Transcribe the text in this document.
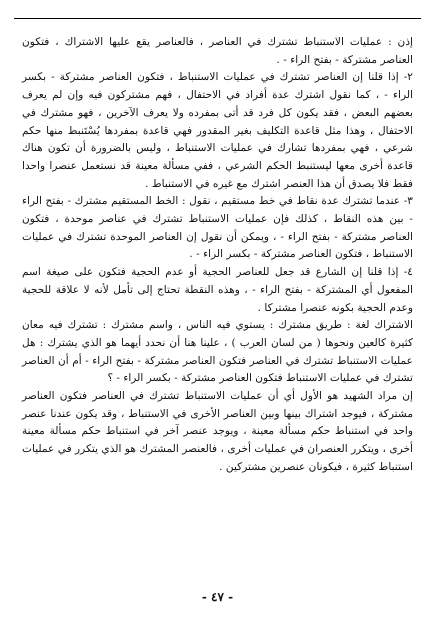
إذن : عمليات الاستنباط تشترك في العناصر ، فالعناصر يقع عليها الاشتراك ، فتكون العناصر مشتركة - بفتح الراء - .

٢- إذا قلنا إن العناصر تشترك في عمليات الاستنباط ، فتكون العناصر مشتركة - بكسر الراء - ، كما نقول اشترك عدة أفراد في الاحتفال ، فهم مشتركون فيه وإن لم يعرف بعضهم البعض ، فقد يكون كل فرد قد أتى بمفرده ولا يعرف الآخرين ، فهو مشترك في الاحتفال ، وهذا مثل قاعدة التكليف بغير المقدور فهي قاعدة بمفردها يُسْتَنبط منها حكم شرعي ، فهي بمفردها تشارك في عمليات الاستنباط ، وليس بالضرورة أن تكون هناك قاعدة أخرى معها ليستنبط الحكم الشرعي ، ففي مسألة معينة قد نستعمل عنصرا واحدا فقط فلا يصدق أن هذا العنصر اشترك مع غيره في الاستنباط .

٣- عندما تشترك عدة نقاط في خط مستقيم ، نقول : الخط المستقيم مشترك - بفتح الراء - بين هذه النقاط ، كذلك فإن عمليات الاستنباط تشترك في عناصر موحدة ، فتكون العناصر مشتركة - بفتح الراء - ، ويمكن أن نقول إن العناصر الموحدة تشترك في عمليات الاستنباط ، فتكون العناصر مشتركة - بكسر الراء - .

٤- إذا قلنا إن الشارع قد جعل للعناصر الحجية أو عدم الحجية فتكون على صيغة اسم المفعول أي المشتركة - بفتح الراء - ، وهذه النقطة تحتاج إلى تأمل لأنه لا علاقة للحجية وعدم الحجية بكونه عنصرا مشتركا .

الاشتراك لغة : طريق مشترك : يستوي فيه الناس ، واسم مشترك : تشترك فيه معان كثيرة كالعين ونحوها ( من لسان العرب ) ، علينا هنا أن نحدد أيهما هو الذي يشترك : هل عمليات الاستنباط تشترك في العناصر فتكون العناصر مشتركة - بفتح الراء - أم أن العناصر تشترك في عمليات الاستنباط فتكون العناصر مشتركة - بكسر الراء - ؟

إن مراد الشهيد هو الأول أي أن عمليات الاستنباط تشترك في العناصر فتكون العناصر مشتركة ، فيوجد اشتراك بينها وبين العناصر الأخرى في الاستنباط ، وقد يكون عندنا عنصر واحد في استنباط حكم مسألة معينة ، ويوجد عنصر آخر في استنباط حكم مسألة معينة أخرى ، ويتكرر العنصران في عمليات أخرى ، فالعنصر المشترك هو الذي يتكرر في عمليات استنباط كثيرة ، فيكونان عنصرين مشتركين .

- ٤٧ -
